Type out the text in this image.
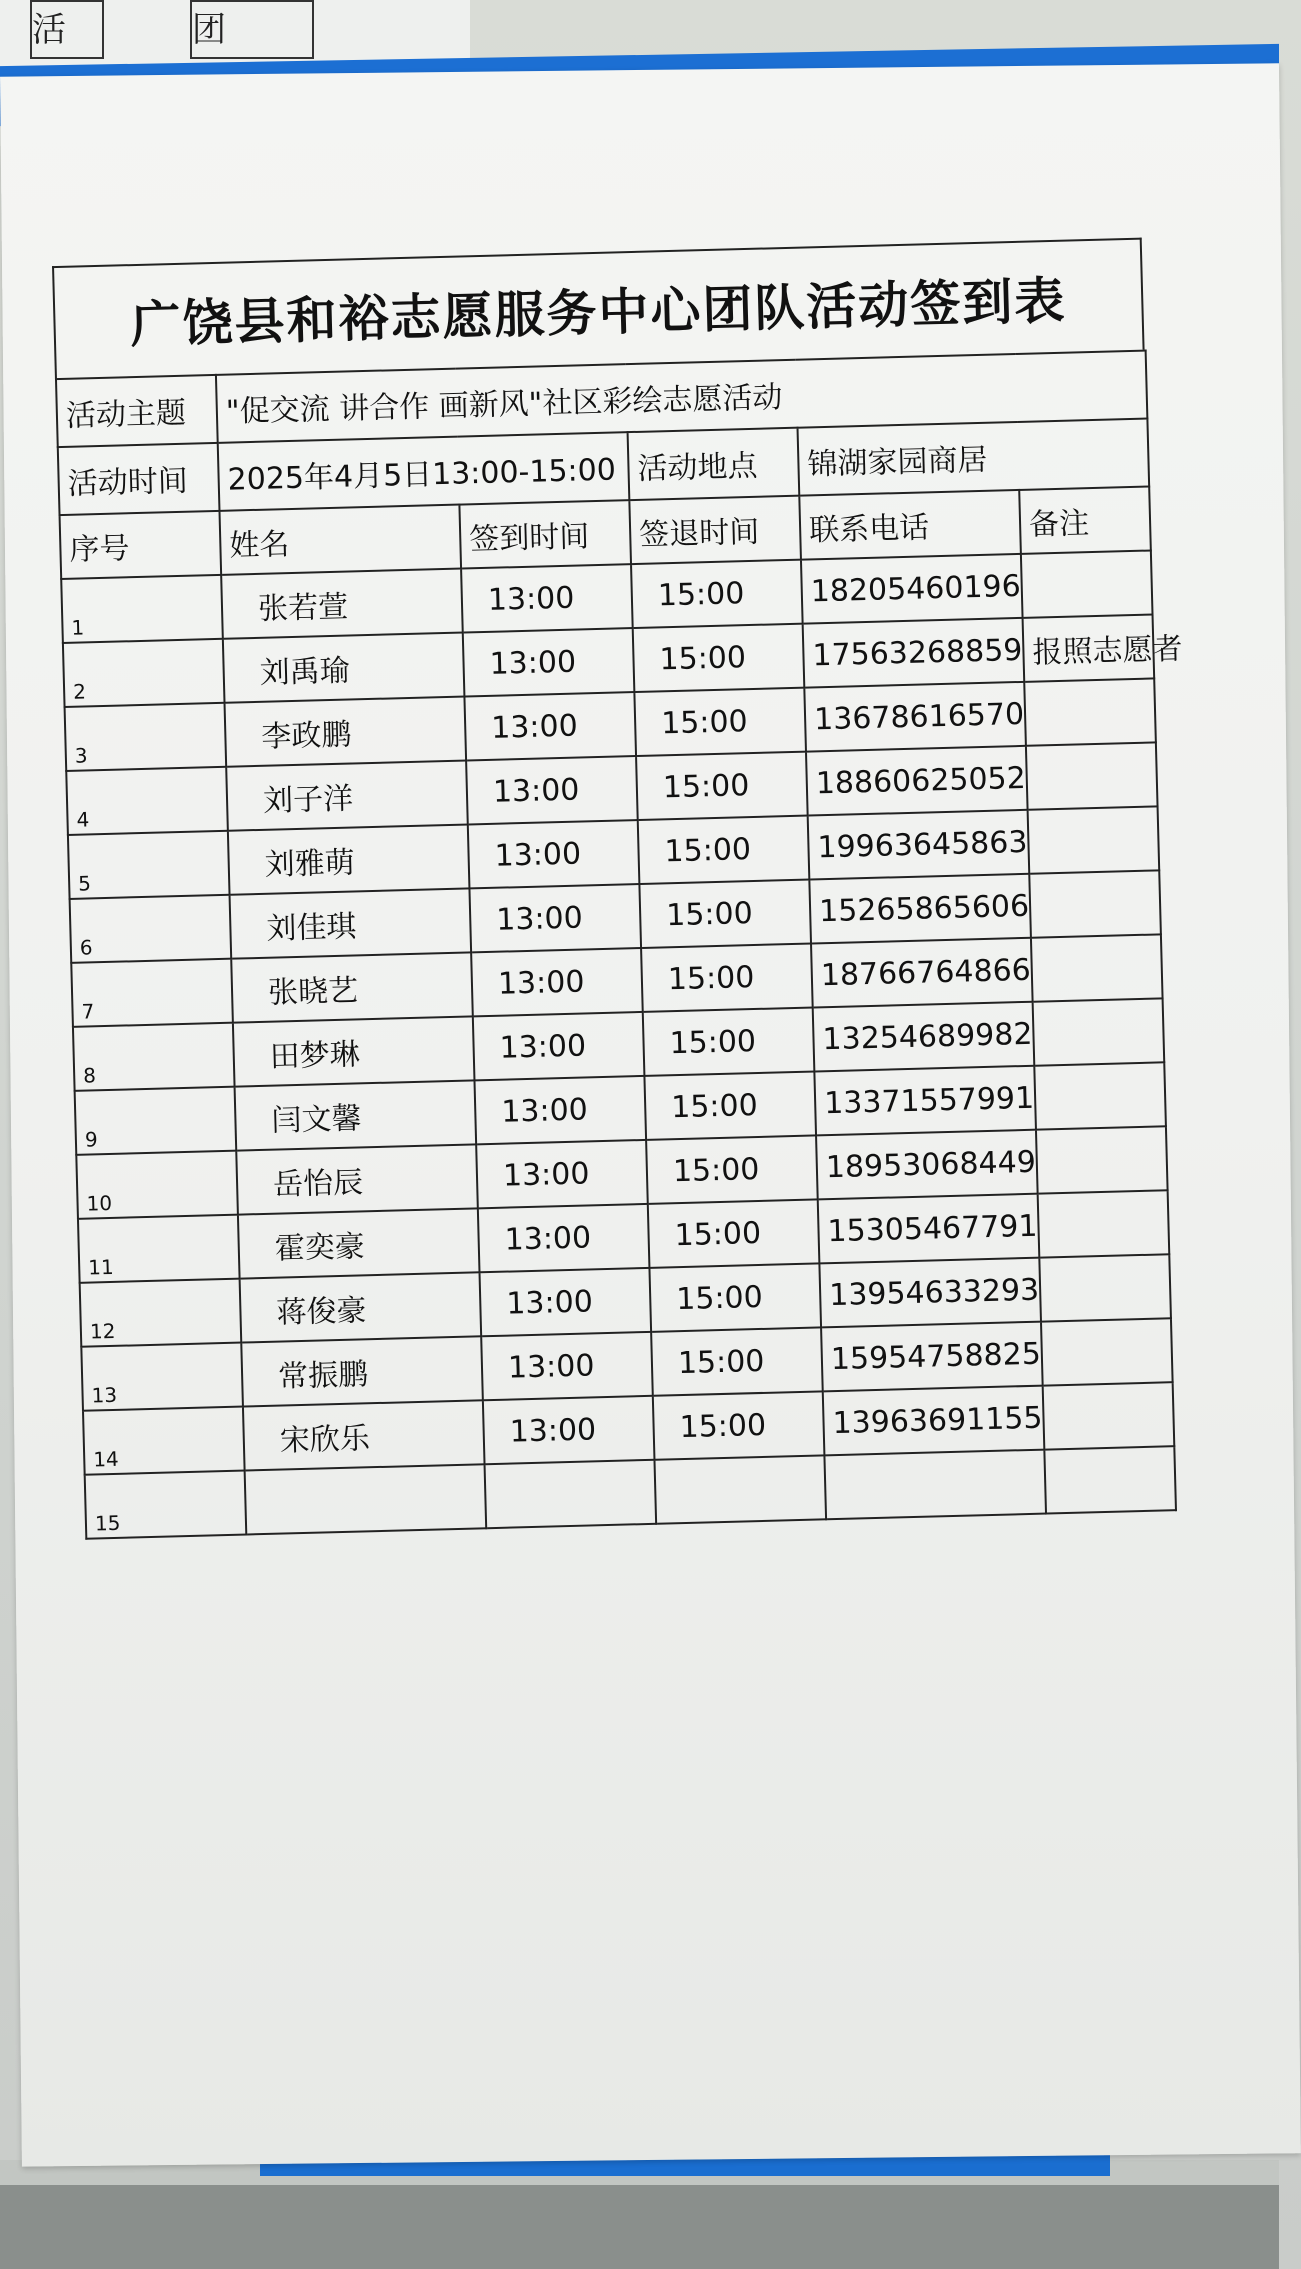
活	团
广饶县和裕志愿服务中心团队活动签到表
活动主题	"促交流 讲合作 画新风"社区彩绘志愿活动				
活动时间	2025年4月5日13:00-15:00		活动地点	锦湖家园商居	
序号	姓名	签到时间	签退时间	联系电话	备注
1	张若萱	13:00	15:00	18205460196	
2	刘禹瑜	13:00	15:00	17563268859	报照志愿者
3	李政鹏	13:00	15:00	13678616570	
4	刘子洋	13:00	15:00	18860625052	
5	刘雅萌	13:00	15:00	19963645863	
6	刘佳琪	13:00	15:00	15265865606	
7	张晓艺	13:00	15:00	18766764866	
8	田梦琳	13:00	15:00	13254689982	
9	闫文馨	13:00	15:00	13371557991	
10	岳怡辰	13:00	15:00	18953068449	
11	霍奕豪	13:00	15:00	15305467791	
12	蒋俊豪	13:00	15:00	13954633293	
13	常振鹏	13:00	15:00	15954758825	
14	宋欣乐	13:00	15:00	13963691155	
15					
